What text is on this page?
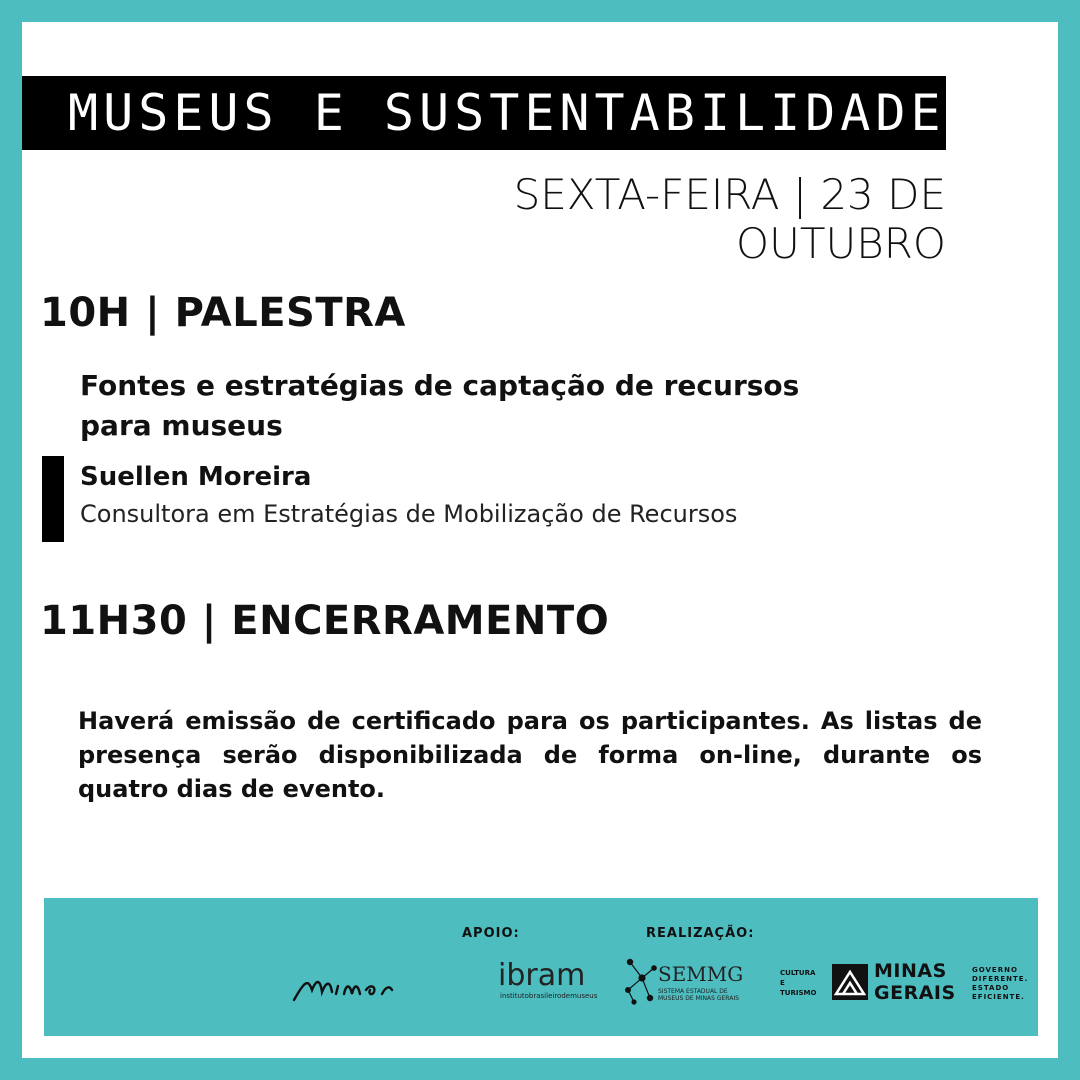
MUSEUS E SUSTENTABILIDADE
SEXTA-FEIRA | 23 DE OUTUBRO
10H | PALESTRA
Fontes e estratégias de captação de recursos para museus
Suellen Moreira
Consultora em Estratégias de Mobilização de Recursos
11H30 | ENCERRAMENTO
Haverá emissão de certificado para os participantes. As listas de presença serão disponibilizada de forma on-line, durante os quatro dias de evento.
APOIO:	REALIZAÇÃO:
ibram
institutobrasileirodemuseus
SEMMG
SISTEMA ESTADUAL DE MUSEUS DE MINAS GERAIS
CULTURA E TURISMO
MINAS GERAIS
GOVERNO DIFERENTE. ESTADO EFICIENTE.
